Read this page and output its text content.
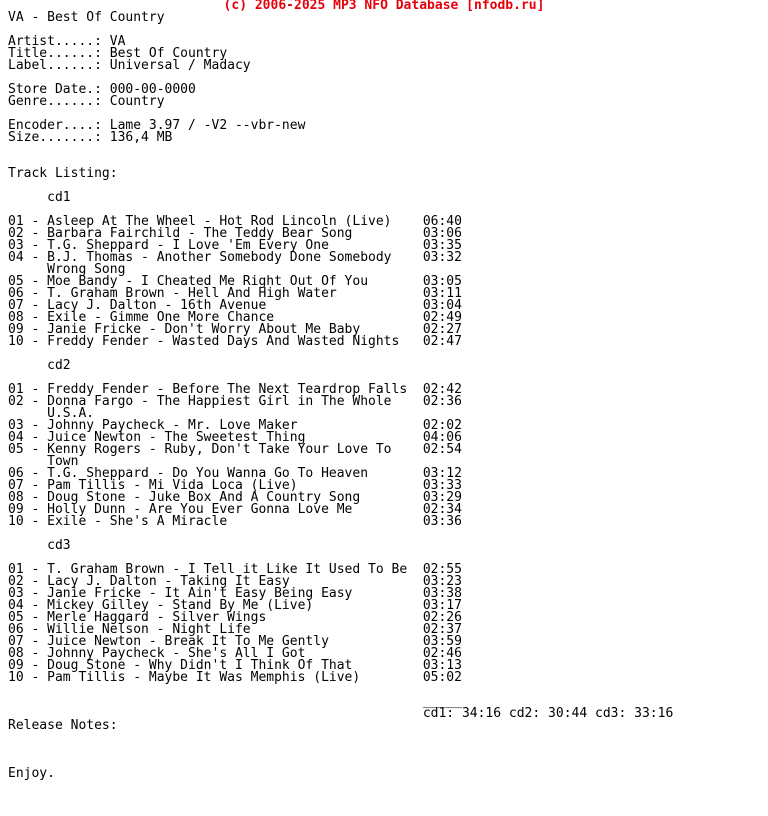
(c) 2006-2025 MP3 NFO Database [nfodb.ru]
VA - Best Of Country

Artist.....: VA
Title......: Best Of Country
Label......: Universal / Madacy

Store Date.: 000-00-0000
Genre......: Country

Encoder....: Lame 3.97 / -V2 --vbr-new
Size.......: 136,4 MB

Track Listing:

cd1

01 - Asleep At The Wheel - Hot Rod Lincoln (Live)    06:40
02 - Barbara Fairchild - The Teddy Bear Song         03:06
03 - T.G. Sheppard - I Love 'Em Every One            03:35
04 - B.J. Thomas - Another Somebody Done Somebody    03:32
Wrong Song
05 - Moe Bandy - I Cheated Me Right Out Of You       03:05
06 - T. Graham Brown - Hell And High Water           03:11
07 - Lacy J. Dalton - 16th Avenue                    03:04
08 - Exile - Gimme One More Chance                   02:49
09 - Janie Fricke - Don't Worry About Me Baby        02:27
10 - Freddy Fender - Wasted Days And Wasted Nights   02:47

cd2

01 - Freddy Fender - Before The Next Teardrop Falls  02:42
02 - Donna Fargo - The Happiest Girl in The Whole    02:36
U.S.A.
03 - Johnny Paycheck - Mr. Love Maker                02:02
04 - Juice Newton - The Sweetest Thing               04:06
05 - Kenny Rogers - Ruby, Don't Take Your Love To    02:54
Town
06 - T.G. Sheppard - Do You Wanna Go To Heaven       03:12
07 - Pam Tillis - Mi Vida Loca (Live)                03:33
08 - Doug Stone - Juke Box And A Country Song        03:29
09 - Holly Dunn - Are You Ever Gonna Love Me         02:34
10 - Exile - She's A Miracle                         03:36

cd3

01 - T. Graham Brown - I Tell it Like It Used To Be  02:55
02 - Lacy J. Dalton - Taking It Easy                 03:23
03 - Janie Fricke - It Ain't Easy Being Easy         03:38
04 - Mickey Gilley - Stand By Me (Live)              03:17
05 - Merle Haggard - Silver Wings                    02:26
06 - Willie Nelson - Night Life                      02:37
07 - Juice Newton - Break It To Me Gently            03:59
08 - Johnny Paycheck - She's All I Got               02:46
09 - Doug Stone - Why Didn't I Think Of That         03:13
10 - Pam Tillis - Maybe It Was Memphis (Live)        05:02

_____
cd1: 34:16 cd2: 30:44 cd3: 33:16
Release Notes:

Enjoy.
